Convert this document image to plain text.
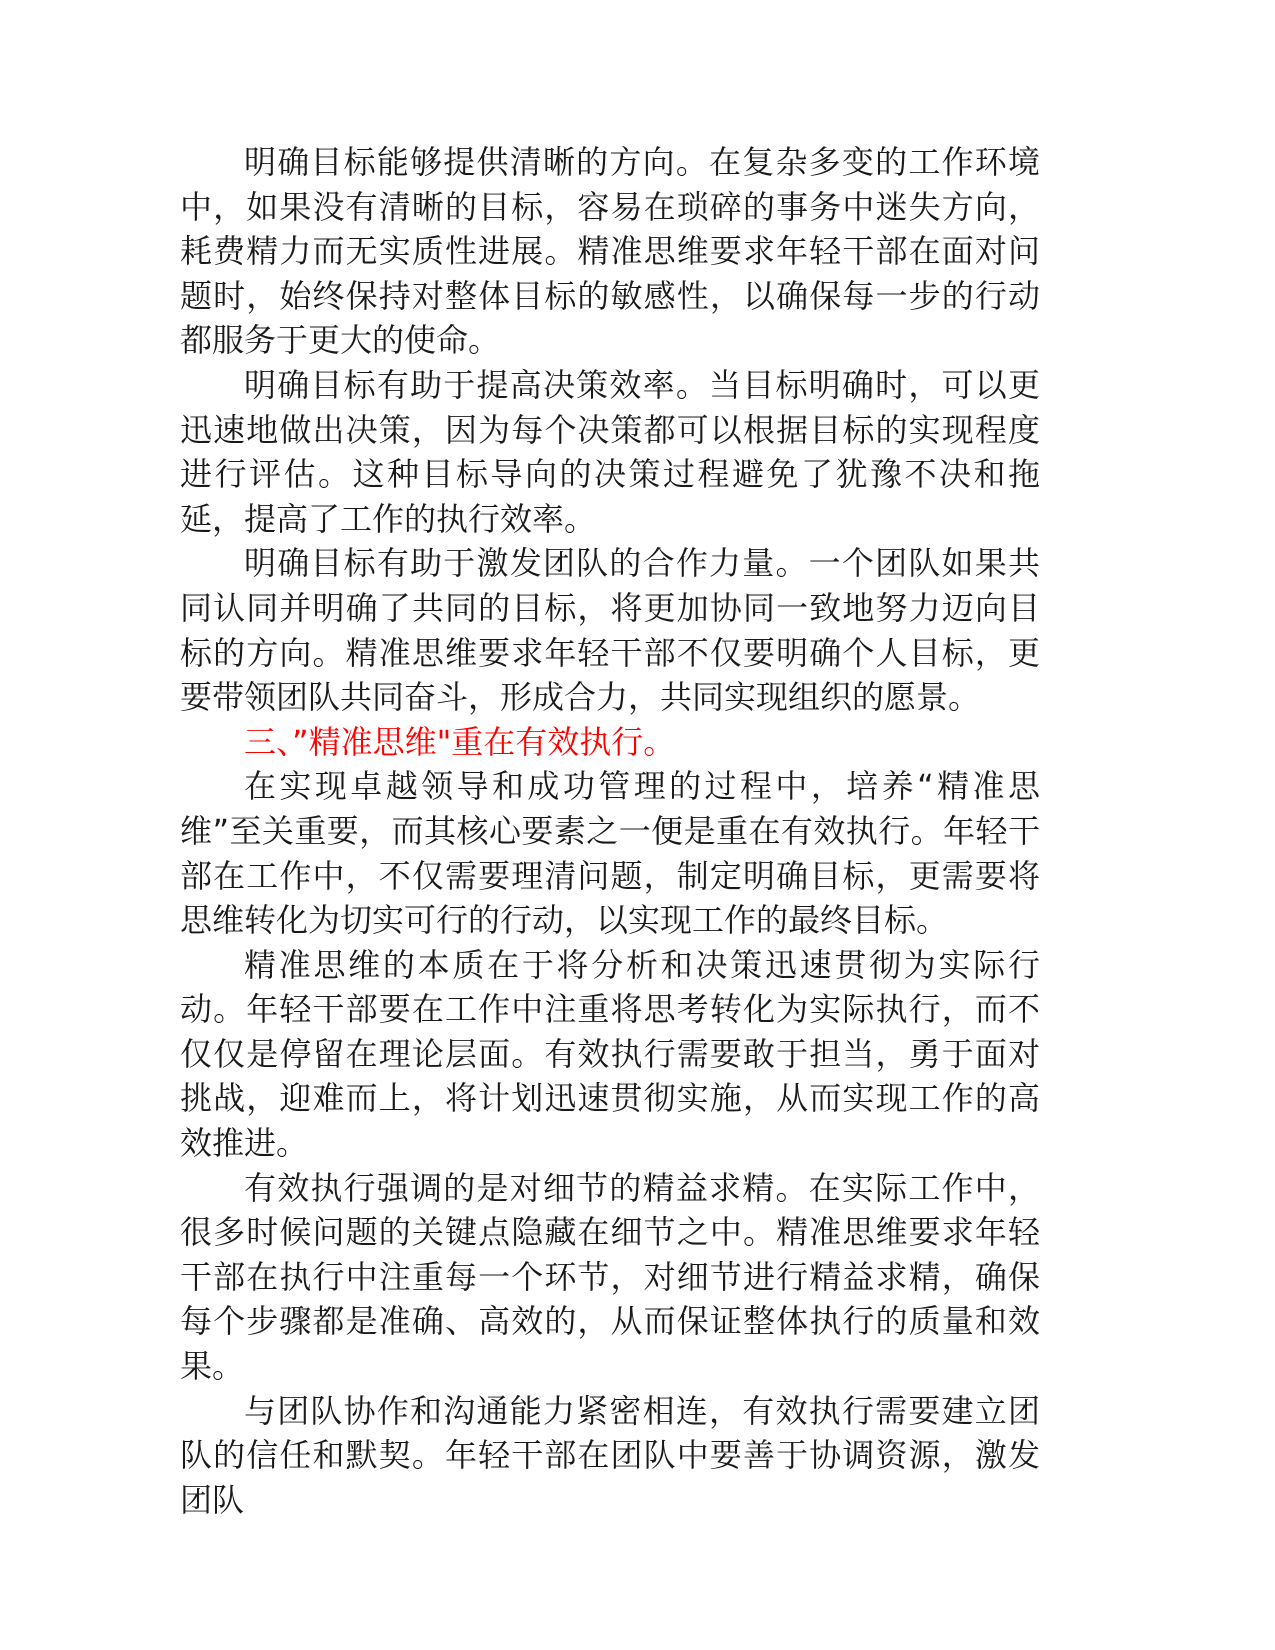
明确目标能够提供清晰的方向。在复杂多变的工作环境中，如果没有清晰的目标，容易在琐碎的事务中迷失方向，耗费精力而无实质性进展。精准思维要求年轻干部在面对问题时，始终保持对整体目标的敏感性，以确保每一步的行动都服务于更大的使命。

明确目标有助于提高决策效率。当目标明确时，可以更迅速地做出决策，因为每个决策都可以根据目标的实现程度进行评估。这种目标导向的决策过程避免了犹豫不决和拖延，提高了工作的执行效率。

明确目标有助于激发团队的合作力量。一个团队如果共同认同并明确了共同的目标，将更加协同一致地努力迈向目标的方向。精准思维要求年轻干部不仅要明确个人目标，更要带领团队共同奋斗，形成合力，共同实现组织的愿景。

三、”精准思维"重在有效执行。

在实现卓越领导和成功管理的过程中，培养“精准思维”至关重要，而其核心要素之一便是重在有效执行。年轻干部在工作中，不仅需要理清问题，制定明确目标，更需要将思维转化为切实可行的行动，以实现工作的最终目标。

精准思维的本质在于将分析和决策迅速贯彻为实际行动。年轻干部要在工作中注重将思考转化为实际执行，而不仅仅是停留在理论层面。有效执行需要敢于担当，勇于面对挑战，迎难而上，将计划迅速贯彻实施，从而实现工作的高效推进。

有效执行强调的是对细节的精益求精。在实际工作中，很多时候问题的关键点隐藏在细节之中。精准思维要求年轻干部在执行中注重每一个环节，对细节进行精益求精，确保每个步骤都是准确、高效的，从而保证整体执行的质量和效果。

与团队协作和沟通能力紧密相连，有效执行需要建立团队的信任和默契。年轻干部在团队中要善于协调资源，激发团队
